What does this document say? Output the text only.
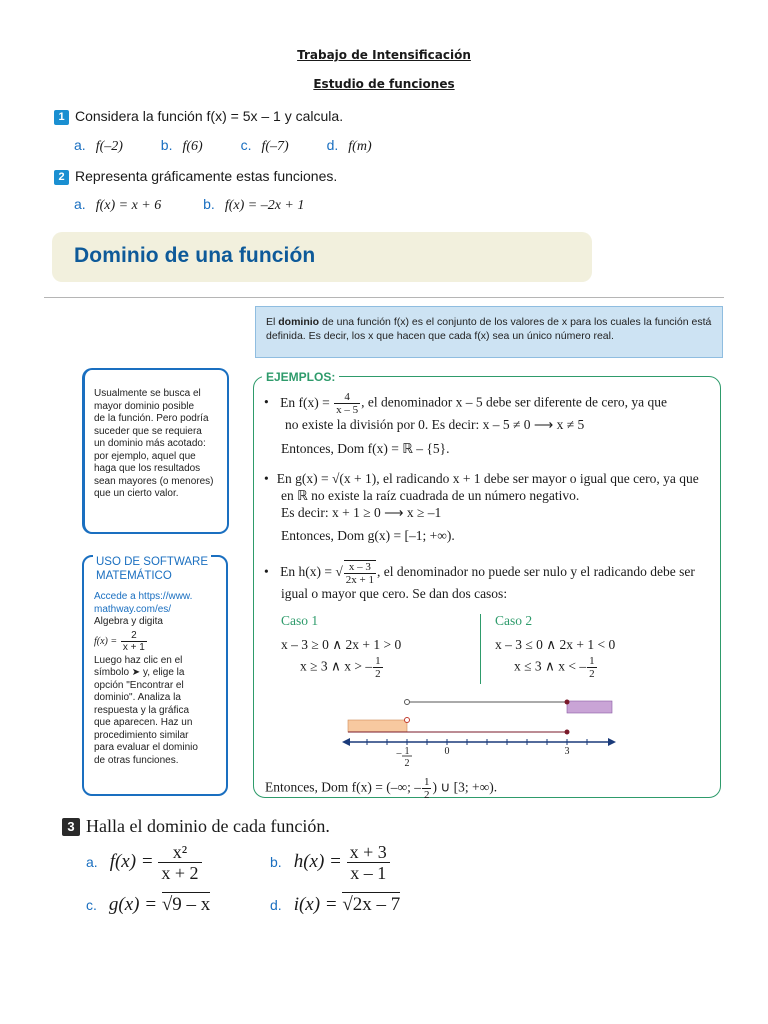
Trabajo de Intensificación
Estudio de funciones
1 Considera la función f(x) = 5x – 1 y calcula.
a. f(–2)	b. f(6)	c. f(–7)	d. f(m)
2 Representa gráficamente estas funciones.
a. f(x) = x + 6	b. f(x) = –2x + 1
Dominio de una función

El dominio de una función f(x) es el conjunto de los valores de x para los cuales la función está definida. Es decir, los x que hacen que cada f(x) sea un único número real.

Usualmente se busca el
mayor dominio posible
de la función. Pero podría
suceder que se requiera
un dominio más acotado:
por ejemplo, aquel que
haga que los resultados
sean mayores (o menores)
que un cierto valor.
USO DE SOFTWARE
MATEMÁTICO
Accede a https://www.
mathway.com/es/
Algebra y digita
$f(x) = \frac{2}{x + 1}$
Luego haz clic en el
símbolo ➤ y, elige la
opción "Encontrar el
dominio". Analiza la
respuesta y la gráfica
que aparecen. Haz un
procedimiento similar
para evaluar el dominio
de otras funciones.
EJEMPLOS:
• En $f(x) = \frac{4}{x - 5}$ , el denominador x – 5 debe ser diferente de cero, ya que
no existe la división por 0. Es decir: x – 5 ≠ 0 ⟶ x ≠ 5
Entonces, Dom f(x) = ℝ – {5}.
• En g(x) = √(x + 1), el radicando x + 1 debe ser mayor o igual que cero, ya que
en ℝ no existe la raíz cuadrada de un número negativo.
Es decir: x + 1 ≥ 0 ⟶ x ≥ –1
Entonces, Dom g(x) = [–1; +∞).
• En h(x) = √ $\frac{x - 3}{2x + 1}$ , el denominador no puede ser nulo y el radicando debe ser
igual o mayor que cero. Se dan dos casos:
Caso 1
x – 3 ≥ 0 ∧ 2x + 1 > 0
x ≥ 3 ∧ x > – $\frac{1}{2}$
Caso 2
x – 3 ≤ 0 ∧ 2x + 1 < 0
x ≤ 3 ∧ x < – $\frac{1}{2}$
– 1
2
0	3
Entonces, Dom f(x) = (–∞; – $\frac{1}{2}$ ) ∪ [3; +∞).
3 Halla el dominio de cada función.
a. $f(x) = \frac{\text{x²}}{x + 2}$	b. $h(x) = \frac{x + 3}{x - 1}$
c. g(x) = √9 – x	d. i(x) = √2x – 7
